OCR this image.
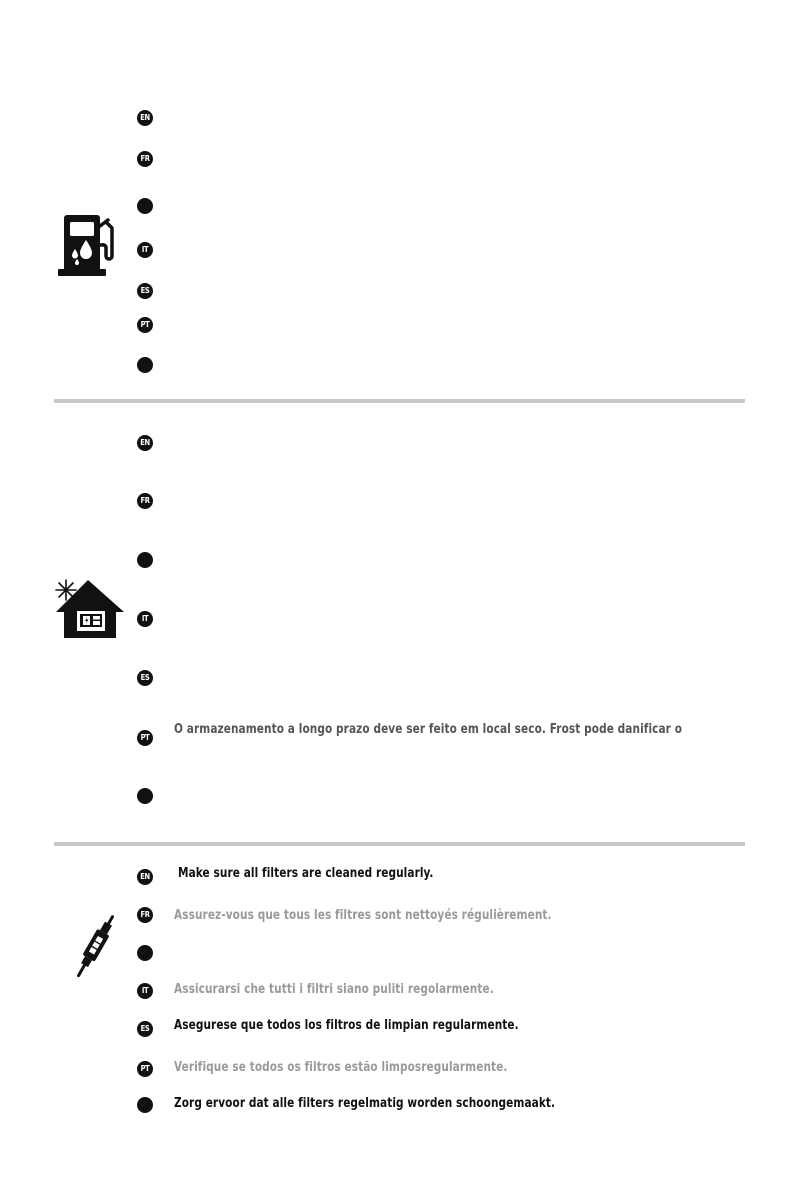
EN
FR
IT
ES
PT
EN
FR
IT
ES
PT
O armazenamento a longo prazo deve ser feito em local seco. Frost pode danificar o
EN
FR
IT
ES
PT
Make sure all filters are cleaned regularly.
Assurez-vous que tous les filtres sont nettoyés régulièrement.
Assicurarsi che tutti i filtri siano puliti regolarmente.
Asegurese que todos los filtros de limpian regularmente.
Verifique se todos os filtros estão limposregularmente.
Zorg ervoor dat alle filters regelmatig worden schoongemaakt.
